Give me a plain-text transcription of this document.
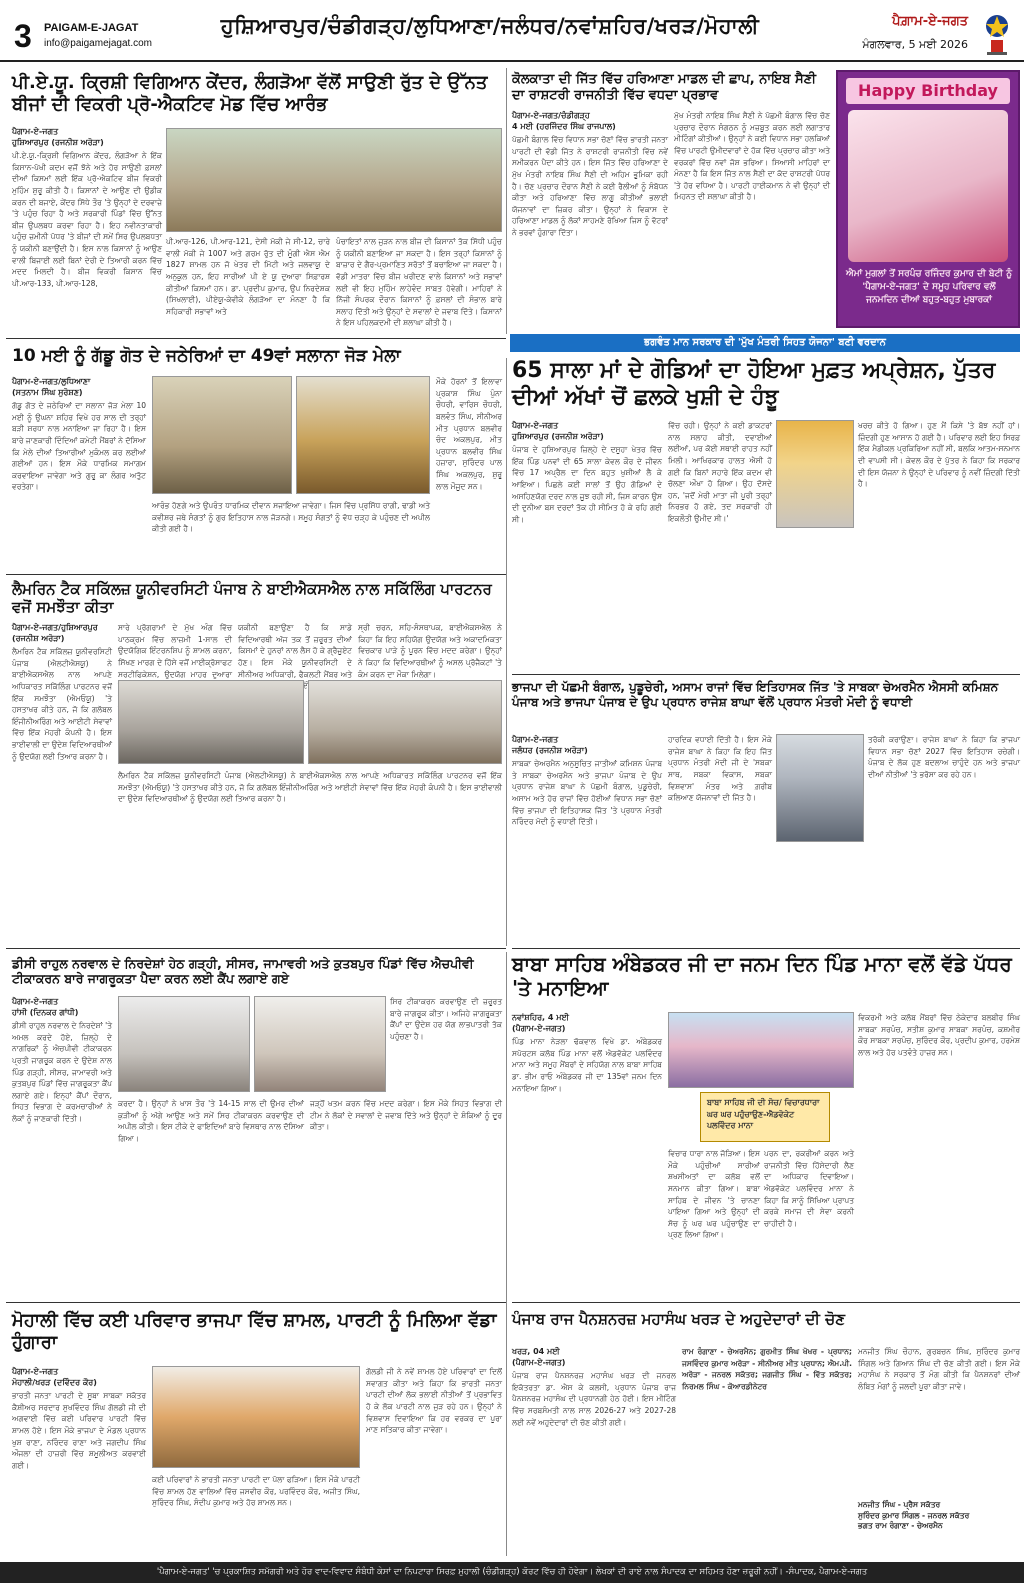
3 PAIGAM-E-JAGAT
info@paigamejagat.com
ਹੁਸ਼ਿਆਰਪੁਰ/ਚੰਡੀਗੜ੍ਹ/ਲੁਧਿਆਣਾ/ਜਲੰਧਰ/ਨਵਾਂਸ਼ਹਿਰ/ਖਰੜ/ਮੋਹਾਲੀ	ਪੈਗ਼ਾਮ-ਏ-ਜਗਤ
ਮੰਗਲਵਾਰ, 5 ਮਈ 2026
ਪੀ.ਏ.ਯੂ. ਕ੍ਰਿਸ਼ੀ ਵਿਗਿਆਨ ਕੇਂਦਰ, ਲੰਗੜੋਆ ਵੱਲੋਂ ਸਾਉਣੀ ਰੁੱਤ ਦੇ ਉੱਨਤ ਬੀਜਾਂ ਦੀ ਵਿਕਰੀ ਪ੍ਰੋ-ਐਕਟਿਵ ਮੋਡ ਵਿੱਚ ਆਰੰਭ
ਪੈਗਾਮ-ਏ-ਜਗਤ
ਹੁਸ਼ਿਆਰਪੁਰ (ਰਜਨੀਸ਼ ਅਰੋੜਾ)
ਪੀ.ਏ.ਯੂ.-ਕ੍ਰਿਸ਼ੀ ਵਿਗਿਆਨ ਕੇਂਦਰ, ਲੰਗੜੋਆ ਨੇ ਇੱਕ ਕਿਸਾਨ-ਪੱਖੀ ਕਦਮ ਵਜੋਂ ਝੋਨੇ ਅਤੇ ਹੋਰ ਸਾਉਣੀ ਫ਼ਸਲਾਂ ਦੀਆਂ ਕਿਸਮਾਂ ਲਈ ਇੱਕ ਪ੍ਰੋ-ਐਕਟਿਵ ਬੀਜ ਵਿਕਰੀ ਮੁਹਿੰਮ ਸ਼ੁਰੂ ਕੀਤੀ ਹੈ। ਕਿਸਾਨਾਂ ਦੇ ਆਉਣ ਦੀ ਉਡੀਕ ਕਰਨ ਦੀ ਬਜਾਏ, ਕੇਂਦਰ ਸਿੱਧੇ ਤੌਰ 'ਤੇ ਉਨ੍ਹਾਂ ਦੇ ਦਰਵਾਜ਼ੇ 'ਤੇ ਪਹੁੰਚ ਰਿਹਾ ਹੈ ਅਤੇ ਸਰਕਾਰੀ ਪਿੰਡਾਂ ਵਿੱਚ ਉੱਨਤ ਬੀਜ ਉਪਲਬਧ ਕਰਵਾ ਰਿਹਾ ਹੈ। ਇਹ ਨਵੀਨਤਾਕਾਰੀ ਪਹੁੰਚ ਜ਼ਮੀਨੀ ਪੱਧਰ 'ਤੇ ਬੀਜਾਂ ਦੀ ਸਮੇਂ ਸਿਰ ਉਪਲਬਧਤਾ ਨੂੰ ਯਕੀਨੀ ਬਣਾਉਂਦੀ ਹੈ। ਇਸ ਨਾਲ ਕਿਸਾਨਾਂ ਨੂੰ ਆਉਣ ਵਾਲੀ ਬਿਜਾਈ ਲਈ ਬਿਨਾਂ ਦੇਰੀ ਦੇ ਤਿਆਰੀ ਕਰਨ ਵਿੱਚ ਮਦਦ ਮਿਲਦੀ ਹੈ। ਬੀਜ ਵਿਕਰੀ ਕਿਸਾਨ ਵਿੱਚ ਪੀ.ਆਰ-133, ਪੀ.ਆਰ-128,
ਪੀ.ਆਰ-126, ਪੀ.ਆਰ-121, ਦੇਸੀ ਮੱਕੀ ਜੇ ਸੀ-12, ਚਾਰੇ ਵਾਲੀ ਮੱਕੀ ਜੇ 1007 ਅਤੇ ਗਰਮ ਰੁੱਤ ਦੀ ਮੂੰਗੀ ਐਸ ਐਮ 1827 ਸ਼ਾਮਲ ਹਨ ਜੋ ਖੇਤਰ ਦੀ ਮਿੱਟੀ ਅਤੇ ਜਲਵਾਯੂ ਦੇ ਅਨੁਕੂਲ ਹਨ, ਇਹ ਸਾਰੀਆਂ ਪੀ ਏ ਯੂ ਦੁਆਰਾ ਸਿਫ਼ਾਰਸ਼ ਕੀਤੀਆਂ ਕਿਸਮਾਂ ਹਨ। ਡਾ. ਪ੍ਰਦੀਪ ਕੁਮਾਰ, ਉਪ ਨਿਰਦੇਸ਼ਕ (ਸਿਖਲਾਈ), ਪੀਏਯੂ-ਕੇਵੀਕੇ ਲੰਗੜੋਆ ਦਾ ਮੰਨਣਾ ਹੈ ਕਿ ਸਹਿਕਾਰੀ ਸਭਾਵਾਂ ਅਤੇ
ਪੰਚਾਇਤਾਂ ਨਾਲ ਜੁੜਨ ਨਾਲ ਬੀਜ ਦੀ ਕਿਸਾਨਾਂ ਤੱਕ ਸਿੱਧੀ ਪਹੁੰਚ ਨੂੰ ਯਕੀਨੀ ਬਣਾਇਆ ਜਾ ਸਕਦਾ ਹੈ। ਇਸ ਤਰ੍ਹਾਂ ਕਿਸਾਨਾਂ ਨੂੰ ਬਾਜ਼ਾਰ ਦੇ ਗੈਰ-ਪ੍ਰਮਾਣਿਤ ਸਰੋਤਾਂ ਤੋਂ ਬਚਾਇਆ ਜਾ ਸਕਦਾ ਹੈ। ਵੱਡੀ ਮਾਤਰਾ ਵਿੱਚ ਬੀਜ ਖਰੀਦਣ ਵਾਲੇ ਕਿਸਾਨਾਂ ਅਤੇ ਸਭਾਵਾਂ ਲਈ ਵੀ ਇਹ ਮੁਹਿੰਮ ਲਾਹੇਵੰਦ ਸਾਬਤ ਹੋਵੇਗੀ। ਮਾਹਿਰਾਂ ਨੇ ਨਿੱਜੀ ਸੰਪਰਕ ਦੌਰਾਨ ਕਿਸਾਨਾਂ ਨੂੰ ਫ਼ਸਲਾਂ ਦੀ ਸੰਭਾਲ ਬਾਰੇ ਸਲਾਹ ਦਿੱਤੀ ਅਤੇ ਉਨ੍ਹਾਂ ਦੇ ਸਵਾਲਾਂ ਦੇ ਜਵਾਬ ਦਿੱਤੇ। ਕਿਸਾਨਾਂ ਨੇ ਇਸ ਪਹਿਲਕਦਮੀ ਦੀ ਸ਼ਲਾਘਾ ਕੀਤੀ ਹੈ।
ਕੋਲਕਾਤਾ ਦੀ ਜਿੱਤ ਵਿੱਚ ਹਰਿਆਣਾ ਮਾਡਲ ਦੀ ਛਾਪ, ਨਾਇਬ ਸੈਣੀ ਦਾ ਰਾਸ਼ਟਰੀ ਰਾਜਨੀਤੀ ਵਿੱਚ ਵਧਦਾ ਪ੍ਰਭਾਵ
ਪੈਗਾਮ-ਏ-ਜਗਤ/ਚੰਡੀਗੜ੍ਹ
4 ਮਈ (ਹਰਜਿੰਦਰ ਸਿੰਘ ਰਾਜਪਾਲ)
ਪੱਛਮੀ ਬੰਗਾਲ ਵਿੱਚ ਵਿਧਾਨ ਸਭਾ ਚੋਣਾਂ ਵਿੱਚ ਭਾਰਤੀ ਜਨਤਾ ਪਾਰਟੀ ਦੀ ਵੱਡੀ ਜਿੱਤ ਨੇ ਰਾਸ਼ਟਰੀ ਰਾਜਨੀਤੀ ਵਿੱਚ ਨਵੇਂ ਸਮੀਕਰਨ ਪੈਦਾ ਕੀਤੇ ਹਨ। ਇਸ ਜਿੱਤ ਵਿੱਚ ਹਰਿਆਣਾ ਦੇ ਮੁੱਖ ਮੰਤਰੀ ਨਾਇਬ ਸਿੰਘ ਸੈਣੀ ਦੀ ਅਹਿਮ ਭੂਮਿਕਾ ਰਹੀ ਹੈ। ਚੋਣ ਪ੍ਰਚਾਰ ਦੌਰਾਨ ਸੈਣੀ ਨੇ ਕਈ ਰੈਲੀਆਂ ਨੂੰ ਸੰਬੋਧਨ ਕੀਤਾ ਅਤੇ ਹਰਿਆਣਾ ਵਿੱਚ ਲਾਗੂ ਕੀਤੀਆਂ ਭਲਾਈ ਯੋਜਨਾਵਾਂ ਦਾ ਜ਼ਿਕਰ ਕੀਤਾ। ਉਨ੍ਹਾਂ ਨੇ ਵਿਕਾਸ ਦੇ ਹਰਿਆਣਾ ਮਾਡਲ ਨੂੰ ਲੋਕਾਂ ਸਾਹਮਣੇ ਰੱਖਿਆ ਜਿਸ ਨੂੰ ਵੋਟਰਾਂ ਨੇ ਭਰਵਾਂ ਹੁੰਗਾਰਾ ਦਿੱਤਾ।
ਮੁੱਖ ਮੰਤਰੀ ਨਾਇਬ ਸਿੰਘ ਸੈਣੀ ਨੇ ਪੱਛਮੀ ਬੰਗਾਲ ਵਿੱਚ ਚੋਣ ਪ੍ਰਚਾਰ ਦੌਰਾਨ ਸੰਗਠਨ ਨੂੰ ਮਜ਼ਬੂਤ ਕਰਨ ਲਈ ਲਗਾਤਾਰ ਮੀਟਿੰਗਾਂ ਕੀਤੀਆਂ। ਉਨ੍ਹਾਂ ਨੇ ਕਈ ਵਿਧਾਨ ਸਭਾ ਹਲਕਿਆਂ ਵਿੱਚ ਪਾਰਟੀ ਉਮੀਦਵਾਰਾਂ ਦੇ ਹੱਕ ਵਿੱਚ ਪ੍ਰਚਾਰ ਕੀਤਾ ਅਤੇ ਵਰਕਰਾਂ ਵਿੱਚ ਨਵਾਂ ਜੋਸ਼ ਭਰਿਆ। ਸਿਆਸੀ ਮਾਹਿਰਾਂ ਦਾ ਮੰਨਣਾ ਹੈ ਕਿ ਇਸ ਜਿੱਤ ਨਾਲ ਸੈਣੀ ਦਾ ਕੱਦ ਰਾਸ਼ਟਰੀ ਪੱਧਰ 'ਤੇ ਹੋਰ ਵਧਿਆ ਹੈ। ਪਾਰਟੀ ਹਾਈਕਮਾਨ ਨੇ ਵੀ ਉਨ੍ਹਾਂ ਦੀ ਮਿਹਨਤ ਦੀ ਸ਼ਲਾਘਾ ਕੀਤੀ ਹੈ।
Happy Birthday
ਐਮਾਂ ਮੁਗਲਾਂ ਤੋਂ ਸਰਪੰਚ ਰਜਿੰਦਰ ਕੁਮਾਰ ਦੀ ਬੇਟੀ ਨੂੰ 'ਪੈਗਾਮ-ਏ-ਜਗਤ' ਦੇ ਸਮੂਹ ਪਰਿਵਾਰ ਵਲੋਂ ਜਨਮਦਿਨ ਦੀਆਂ ਬਹੁਤ-ਬਹੁਤ ਮੁਬਾਰਕਾਂ
ਭਗਵੰਤ ਮਾਨ ਸਰਕਾਰ ਦੀ 'ਮੁੱਖ ਮੰਤਰੀ ਸਿਹਤ ਯੋਜਨਾ' ਬਣੀ ਵਰਦਾਨ
10 ਮਈ ਨੂੰ ਗੱਡੂ ਗੋਤ ਦੇ ਜਠੇਰਿਆਂ ਦਾ 49ਵਾਂ ਸਲਾਨਾ ਜੋੜ ਮੇਲਾ
ਪੈਗਾਮ-ਏ-ਜਗਤ/ਲੁਧਿਆਣਾ
(ਸਤਨਾਮ ਸਿੰਘ ਸੁਰੋਸ਼ਣ)
ਗੱਡੂ ਗੋਤ ਦੇ ਜਠੇਰਿਆਂ ਦਾ ਸਲਾਨਾ ਜੋੜ ਮੇਲਾ 10 ਮਈ ਨੂੰ ਉਘਨਾ ਸ਼ਹਿਰ ਵਿਖੇ ਹਰ ਸਾਲ ਦੀ ਤਰ੍ਹਾਂ ਬੜੀ ਸ਼ਰਧਾ ਨਾਲ ਮਨਾਇਆ ਜਾ ਰਿਹਾ ਹੈ। ਇਸ ਬਾਰੇ ਜਾਣਕਾਰੀ ਦਿੰਦਿਆਂ ਕਮੇਟੀ ਮੈਂਬਰਾਂ ਨੇ ਦੱਸਿਆ ਕਿ ਮੇਲੇ ਦੀਆਂ ਤਿਆਰੀਆਂ ਮੁਕੰਮਲ ਕਰ ਲਈਆਂ ਗਈਆਂ ਹਨ। ਇਸ ਮੌਕੇ ਧਾਰਮਿਕ ਸਮਾਗਮ ਕਰਵਾਇਆ ਜਾਵੇਗਾ ਅਤੇ ਗੁਰੂ ਕਾ ਲੰਗਰ ਅਤੁੱਟ ਵਰਤੇਗਾ।
ਆਰੰਭ ਹੋਣਗੇ ਅਤੇ ਉਪਰੰਤ ਧਾਰਮਿਕ ਦੀਵਾਨ ਸਜਾਇਆ ਜਾਵੇਗਾ। ਜਿਸ ਵਿੱਚ ਪ੍ਰਸਿੱਧ ਰਾਗੀ, ਢਾਡੀ ਅਤੇ ਕਵੀਸ਼ਰ ਜਥੇ ਸੰਗਤਾਂ ਨੂੰ ਗੁਰ ਇਤਿਹਾਸ ਨਾਲ ਜੋੜਨਗੇ। ਸਮੂਹ ਸੰਗਤਾਂ ਨੂੰ ਵੱਧ ਚੜ੍ਹ ਕੇ ਪਹੁੰਚਣ ਦੀ ਅਪੀਲ ਕੀਤੀ ਗਈ ਹੈ।
ਮੌਕੇ ਹੋਰਨਾਂ ਤੋਂ ਇਲਾਵਾ ਪ੍ਰਕਾਸ਼ ਸਿੰਘ ਪੁੰਨਾ ਚੌਧਰੀ, ਵਾਰਿਸ ਚੌਧਰੀ, ਬਲਵੰਤ ਸਿੰਘ, ਸੀਨੀਅਰ ਮੀਤ ਪ੍ਰਧਾਨ ਬਲਵੀਰ ਚੰਦ ਅਕਲਪੁਰ, ਮੀਤ ਪ੍ਰਧਾਨ ਬਲਵੀਰ ਸਿੰਘ ਹਜ਼ਾਰਾ, ਸੁਰਿੰਦਰ ਪਾਲ ਸਿੰਘ ਅਕਲਪੁਰ, ਸ਼ੁਰੂ ਲਾਲ ਮੌਜੂਦ ਸਨ।
65 ਸਾਲਾ ਮਾਂ ਦੇ ਗੋਡਿਆਂ ਦਾ ਹੋਇਆ ਮੁਫ਼ਤ ਅਪ੍ਰੇਸ਼ਨ, ਪੁੱਤਰ ਦੀਆਂ ਅੱਖਾਂ ਚੋਂ ਛਲਕੇ ਖੁਸ਼ੀ ਦੇ ਹੰਝੂ
ਪੈਗਾਮ-ਏ-ਜਗਤ
ਹੁਸ਼ਿਆਰਪੁਰ (ਰਜਨੀਸ਼ ਅਰੋੜਾ)
ਪੰਜਾਬ ਦੇ ਹੁਸ਼ਿਆਰਪੁਰ ਜ਼ਿਲ੍ਹੇ ਦੇ ਦਸੂਹਾ ਖੇਤਰ ਵਿੱਚ ਇੱਕ ਪਿੰਡ ਪਨਵਾਂ ਦੀ 65 ਸਾਲਾ ਕੇਵਲ ਕੌਰ ਦੇ ਜੀਵਨ ਵਿੱਚ 17 ਅਪ੍ਰੈਲ ਦਾ ਦਿਨ ਬਹੁਤ ਖੁਸ਼ੀਆਂ ਲੈ ਕੇ ਆਇਆ। ਪਿਛਲੇ ਕਈ ਸਾਲਾਂ ਤੋਂ ਉਹ ਗੋਡਿਆਂ ਦੇ ਅਸਹਿਣਯੋਗ ਦਰਦ ਨਾਲ ਜੂਝ ਰਹੀ ਸੀ, ਜਿਸ ਕਾਰਨ ਉਸ ਦੀ ਦੁਨੀਆ ਬਸ ਦਰਦਾਂ ਤੱਕ ਹੀ ਸੀਮਿਤ ਹੋ ਕੇ ਰਹਿ ਗਈ ਸੀ।
ਵਿੱਚ ਰਹੀ। ਉਨ੍ਹਾਂ ਨੇ ਕਈ ਡਾਕਟਰਾਂ ਨਾਲ ਸਲਾਹ ਕੀਤੀ, ਦਵਾਈਆਂ ਲਈਆਂ, ਪਰ ਕੋਈ ਸਥਾਈ ਰਾਹਤ ਨਹੀਂ ਮਿਲੀ। ਆਖਿਰਕਾਰ ਹਾਲਤ ਐਸੀ ਹੋ ਗਈ ਕਿ ਬਿਨਾਂ ਸਹਾਰੇ ਇੱਕ ਕਦਮ ਵੀ ਚੱਲਣਾ ਔਖਾ ਹੋ ਗਿਆ। ਉਹ ਦੱਸਦੇ ਹਨ, 'ਜਦੋਂ ਮੇਰੀ ਮਾਤਾ ਜੀ ਪੂਰੀ ਤਰ੍ਹਾਂ ਨਿਰਭਰ ਹੋ ਗਏ, ਤਦ ਸਰਕਾਰੀ ਹੀ ਇਕਲੌਤੀ ਉਮੀਦ ਸੀ।'
ਖਰਚ ਕੀਤੇ ਹੋ ਗਿਆ। ਹੁਣ ਮੈਂ ਕਿਸੇ 'ਤੇ ਬੋਝ ਨਹੀਂ ਹਾਂ। ਜ਼ਿੰਦਗੀ ਹੁਣ ਆਸਾਨ ਹੋ ਗਈ ਹੈ। ਪਰਿਵਾਰ ਲਈ ਇਹ ਸਿਰਫ਼ ਇੱਕ ਮੈਡੀਕਲ ਪ੍ਰਕਿਰਿਆ ਨਹੀਂ ਸੀ, ਬਲਕਿ ਆਤਮ-ਸਨਮਾਨ ਦੀ ਵਾਪਸੀ ਸੀ। ਕੇਵਲ ਕੌਰ ਦੇ ਪੁੱਤਰ ਨੇ ਕਿਹਾ ਕਿ ਸਰਕਾਰ ਦੀ ਇਸ ਯੋਜਨਾ ਨੇ ਉਨ੍ਹਾਂ ਦੇ ਪਰਿਵਾਰ ਨੂੰ ਨਵੀਂ ਜ਼ਿੰਦਗੀ ਦਿੱਤੀ ਹੈ।
ਲੈਮਰਿਨ ਟੈਕ ਸਕਿੱਲਜ਼ ਯੂਨੀਵਰਸਿਟੀ ਪੰਜਾਬ ਨੇ ਬਾਈਐਕਸਐਲ ਨਾਲ ਸਕਿੱਲਿੰਗ ਪਾਰਟਨਰ ਵਜੋਂ ਸਮਝੌਤਾ ਕੀਤਾ
ਪੈਗਾਮ-ਏ-ਜਗਤ/ਹੁਸ਼ਿਆਰਪੁਰ
(ਰਜਨੀਸ਼ ਅਰੋੜਾ)
ਲੈਮਰਿਨ ਟੈਕ ਸਕਿੱਲਜ਼ ਯੂਨੀਵਰਸਿਟੀ ਪੰਜਾਬ (ਐਲਟੀਐਸਯੂ) ਨੇ ਬਾਈਐਕਸਐਲ ਨਾਲ ਆਪਣੇ ਅਧਿਕਾਰਤ ਸਕਿੱਲਿੰਗ ਪਾਰਟਨਰ ਵਜੋਂ ਇੱਕ ਸਮਝੌਤਾ (ਐਮਓਯੂ) 'ਤੇ ਹਸਤਾਖਰ ਕੀਤੇ ਹਨ, ਜੋ ਕਿ ਗਲੋਬਲ ਇੰਜੀਨੀਅਰਿੰਗ ਅਤੇ ਆਈਟੀ ਸੇਵਾਵਾਂ ਵਿੱਚ ਇੱਕ ਮੋਹਰੀ ਕੰਪਨੀ ਹੈ। ਇਸ ਭਾਈਵਾਲੀ ਦਾ ਉਦੇਸ਼ ਵਿਦਿਆਰਥੀਆਂ ਨੂੰ ਉਦਯੋਗ ਲਈ ਤਿਆਰ ਕਰਨਾ ਹੈ।
ਸਾਰੇ ਪ੍ਰੋਗਰਾਮਾਂ ਦੇ ਮੁੱਖ ਅੰਗ ਵਿੱਚ ਪਾਠਕ੍ਰਮ ਵਿੱਚ ਲਾਜ਼ਮੀ 1-ਸਾਲ ਦੀ ਉਦਯੋਗਿਕ ਇੰਟਰਨਸ਼ਿਪ ਨੂੰ ਸ਼ਾਮਲ ਕਰਨਾ, ਸਿੱਖਣ ਮਾਰਗ ਦੇ ਹਿੱਸੇ ਵਜੋਂ ਮਾਈਕ੍ਰੋਸਾਫਟ ਸਰਟੀਫਿਕੇਸ਼ਨ, ਉਦਯੋਗ ਮਾਹਰ ਦੁਆਰਾ
ਯਕੀਨੀ ਬਣਾਉਣਾ ਹੈ ਕਿ ਸਾਡੇ ਵਿਦਿਆਰਥੀ ਅੱਜ ਤਕ ਤੋਂ ਜ਼ਰੂਰਤ ਦੀਆਂ ਕਿਸਮਾਂ ਦੇ ਹੁਨਰਾਂ ਨਾਲ ਲੈਸ ਹੋ ਕੇ ਗ੍ਰੈਜੂਏਟ ਹੋਣ। ਇਸ ਮੌਕੇ ਯੂਨੀਵਰਸਿਟੀ ਦੇ ਸੀਨੀਅਰ ਅਧਿਕਾਰੀ, ਫੈਕਲਟੀ ਮੈਂਬਰ ਅਤੇ
ਸ੍ਰੀ ਚਰਨ, ਸਹਿ-ਸੰਸਥਾਪਕ, ਬਾਈਐਕਸਐਲ ਨੇ ਕਿਹਾ ਕਿ ਇਹ ਸਹਿਯੋਗ ਉਦਯੋਗ ਅਤੇ ਅਕਾਦਮਿਕਤਾ ਵਿਚਕਾਰ ਪਾੜੇ ਨੂੰ ਪੂਰਨ ਵਿੱਚ ਮਦਦ ਕਰੇਗਾ। ਉਨ੍ਹਾਂ ਨੇ ਕਿਹਾ ਕਿ ਵਿਦਿਆਰਥੀਆਂ ਨੂੰ ਅਸਲ ਪ੍ਰੋਜੈਕਟਾਂ 'ਤੇ ਕੰਮ ਕਰਨ ਦਾ ਮੌਕਾ ਮਿਲੇਗਾ।
ਲੈਮਰਿਨ ਟੈਕ ਸਕਿੱਲਜ਼ ਯੂਨੀਵਰਸਿਟੀ ਪੰਜਾਬ (ਐਲਟੀਐਸਯੂ) ਨੇ ਬਾਈਐਕਸਐਲ ਨਾਲ ਆਪਣੇ ਅਧਿਕਾਰਤ ਸਕਿੱਲਿੰਗ ਪਾਰਟਨਰ ਵਜੋਂ ਇੱਕ ਸਮਝੌਤਾ (ਐਮਓਯੂ) 'ਤੇ ਹਸਤਾਖਰ ਕੀਤੇ ਹਨ, ਜੋ ਕਿ ਗਲੋਬਲ ਇੰਜੀਨੀਅਰਿੰਗ ਅਤੇ ਆਈਟੀ ਸੇਵਾਵਾਂ ਵਿੱਚ ਇੱਕ ਮੋਹਰੀ ਕੰਪਨੀ ਹੈ। ਇਸ ਭਾਈਵਾਲੀ ਦਾ ਉਦੇਸ਼ ਵਿਦਿਆਰਥੀਆਂ ਨੂੰ ਉਦਯੋਗ ਲਈ ਤਿਆਰ ਕਰਨਾ ਹੈ।
ਭਾਜਪਾ ਦੀ ਪੱਛਮੀ ਬੰਗਾਲ, ਪੁਡੂਚੇਰੀ, ਅਸਾਮ ਰਾਜਾਂ ਵਿੱਚ ਇਤਿਹਾਸਕ ਜਿੱਤ 'ਤੇ ਸਾਬਕਾ ਚੇਅਰਮੈਨ ਐਸਸੀ ਕਮਿਸ਼ਨ ਪੰਜਾਬ ਅਤੇ ਭਾਜਪਾ ਪੰਜਾਬ ਦੇ ਉਪ ਪ੍ਰਧਾਨ ਰਾਜੇਸ਼ ਬਾਘਾ ਵੱਲੋਂ ਪ੍ਰਧਾਨ ਮੰਤਰੀ ਮੋਦੀ ਨੂੰ ਵਧਾਈ
ਪੈਗਾਮ-ਏ-ਜਗਤ
ਜਲੰਧਰ (ਰਜਨੀਸ਼ ਅਰੋੜਾ)
ਸਾਬਕਾ ਚੇਅਰਮੈਨ ਅਨੁਸੂਚਿਤ ਜਾਤੀਆਂ ਕਮਿਸ਼ਨ ਪੰਜਾਬ ਤੇ ਸਾਬਕਾ ਚੇਅਰਮੈਨ ਅਤੇ ਭਾਜਪਾ ਪੰਜਾਬ ਦੇ ਉਪ ਪ੍ਰਧਾਨ ਰਾਜੇਸ਼ ਬਾਘਾ ਨੇ ਪੱਛਮੀ ਬੰਗਾਲ, ਪੁਡੂਚੇਰੀ, ਅਸਾਮ ਅਤੇ ਹੋਰ ਰਾਜਾਂ ਵਿੱਚ ਹੋਈਆਂ ਵਿਧਾਨ ਸਭਾ ਚੋਣਾਂ ਵਿੱਚ ਭਾਜਪਾ ਦੀ ਇਤਿਹਾਸਕ ਜਿੱਤ 'ਤੇ ਪ੍ਰਧਾਨ ਮੰਤਰੀ ਨਰਿੰਦਰ ਮੋਦੀ ਨੂੰ ਵਧਾਈ ਦਿੱਤੀ।
ਹਾਰਦਿਕ ਵਧਾਈ ਦਿੱਤੀ ਹੈ। ਇਸ ਮੌਕੇ ਰਾਜੇਸ਼ ਬਾਘਾ ਨੇ ਕਿਹਾ ਕਿ ਇਹ ਜਿੱਤ ਪ੍ਰਧਾਨ ਮੰਤਰੀ ਮੋਦੀ ਜੀ ਦੇ 'ਸਬਕਾ ਸਾਥ, ਸਬਕਾ ਵਿਕਾਸ, ਸਬਕਾ ਵਿਸ਼ਵਾਸ' ਮੰਤਰ ਅਤੇ ਗ਼ਰੀਬ ਕਲਿਆਣ ਯੋਜਨਾਵਾਂ ਦੀ ਜਿੱਤ ਹੈ।
ਤਰੱਕੀ ਕਰਾਉਣਾ। ਰਾਜੇਸ਼ ਬਾਘਾ ਨੇ ਕਿਹਾ ਕਿ ਭਾਜਪਾ ਵਿਧਾਨ ਸਭਾ ਚੋਣਾਂ 2027 ਵਿੱਚ ਇਤਿਹਾਸ ਰਚੇਗੀ। ਪੰਜਾਬ ਦੇ ਲੋਕ ਹੁਣ ਬਦਲਾਅ ਚਾਹੁੰਦੇ ਹਨ ਅਤੇ ਭਾਜਪਾ ਦੀਆਂ ਨੀਤੀਆਂ 'ਤੇ ਭਰੋਸਾ ਕਰ ਰਹੇ ਹਨ।
ਡੀਸੀ ਰਾਹੁਲ ਨਰਵਾਲ ਦੇ ਨਿਰਦੇਸ਼ਾਂ ਹੇਠ ਗੜ੍ਹੀ, ਸੀਸਰ, ਜਾਮਾਵਰੀ ਅਤੇ ਕੁਤਬਪੁਰ ਪਿੰਡਾਂ ਵਿੱਚ ਐਚਪੀਵੀ ਟੀਕਾਕਰਨ ਬਾਰੇ ਜਾਗਰੂਕਤਾ ਪੈਦਾ ਕਰਨ ਲਈ ਕੈਂਪ ਲਗਾਏ ਗਏ
ਪੈਗਾਮ-ਏ-ਜਗਤ
ਹਾਂਸੀ (ਦਿਨਕਰ ਗਾਂਧੀ)
ਡੀਸੀ ਰਾਹੁਲ ਨਰਵਾਲ ਦੇ ਨਿਰਦੇਸ਼ਾਂ 'ਤੇ ਅਮਲ ਕਰਦੇ ਹੋਏ, ਜ਼ਿਲ੍ਹੇ ਦੇ ਨਾਗਰਿਕਾਂ ਨੂੰ ਐਚਪੀਵੀ ਟੀਕਾਕਰਨ ਪ੍ਰਤੀ ਜਾਗਰੂਕ ਕਰਨ ਦੇ ਉਦੇਸ਼ ਨਾਲ ਪਿੰਡ ਗੜ੍ਹੀ, ਸੀਸਰ, ਜਾਮਾਵਰੀ ਅਤੇ ਕੁਤਬਪੁਰ ਪਿੰਡਾਂ ਵਿੱਚ ਜਾਗਰੂਕਤਾ ਕੈਂਪ ਲਗਾਏ ਗਏ। ਇਨ੍ਹਾਂ ਕੈਂਪਾਂ ਦੌਰਾਨ, ਸਿਹਤ ਵਿਭਾਗ ਦੇ ਕਰਮਚਾਰੀਆਂ ਨੇ ਲੋਕਾਂ ਨੂੰ ਜਾਣਕਾਰੀ ਦਿੱਤੀ।
ਸਿਰ ਟੀਕਾਕਰਨ ਕਰਵਾਉਣ ਦੀ ਜ਼ਰੂਰਤ ਬਾਰੇ ਜਾਗਰੂਕ ਕੀਤਾ। ਅਜਿਹੇ ਜਾਗਰੂਕਤਾ ਕੈਂਪਾਂ ਦਾ ਉਦੇਸ਼ ਹਰ ਯੋਗ ਲਾਭਪਾਤਰੀ ਤੱਕ ਪਹੁੰਚਣਾ ਹੈ।
ਕਰਦਾ ਹੈ। ਉਨ੍ਹਾਂ ਨੇ ਖਾਸ ਤੌਰ 'ਤੇ 14-15 ਸਾਲ ਦੀ ਉਮਰ ਦੀਆਂ ਕੁੜੀਆਂ ਨੂੰ ਅੱਗੇ ਆਉਣ ਅਤੇ ਸਮੇਂ ਸਿਰ ਟੀਕਾਕਰਨ ਕਰਵਾਉਣ ਦੀ ਅਪੀਲ ਕੀਤੀ। ਇਸ ਟੀਕੇ ਦੇ ਫਾਇਦਿਆਂ ਬਾਰੇ ਵਿਸਥਾਰ ਨਾਲ ਦੱਸਿਆ ਗਿਆ।
ਜੜ੍ਹੋਂ ਖਤਮ ਕਰਨ ਵਿੱਚ ਮਦਦ ਕਰੇਗਾ। ਇਸ ਮੌਕੇ ਸਿਹਤ ਵਿਭਾਗ ਦੀ ਟੀਮ ਨੇ ਲੋਕਾਂ ਦੇ ਸਵਾਲਾਂ ਦੇ ਜਵਾਬ ਦਿੱਤੇ ਅਤੇ ਉਨ੍ਹਾਂ ਦੇ ਸ਼ੰਕਿਆਂ ਨੂੰ ਦੂਰ ਕੀਤਾ।
ਬਾਬਾ ਸਾਹਿਬ ਅੰਬੇਡਕਰ ਜੀ ਦਾ ਜਨਮ ਦਿਨ ਪਿੰਡ ਮਾਨਾ ਵਲੋਂ ਵੱਡੇ ਪੱਧਰ 'ਤੇ ਮਨਾਇਆ
ਨਵਾਂਸ਼ਹਿਰ, 4 ਮਈ
(ਪੈਗਾਮ-ਏ-ਜਗਤ)
ਵਿਕਰਮੀ ਅਤੇ ਕਲੱਬ ਮੈਂਬਰਾਂ ਵਿੱਚ ਠੇਕੇਦਾਰ ਬਲਬੀਰ ਸਿੰਘ ਸਾਬਕਾ ਸਰਪੰਚ, ਸਤੀਸ਼ ਕੁਮਾਰ ਸਾਬਕਾ ਸਰਪੰਚ, ਕਸ਼ਮੀਰ ਕੌਰ ਸਾਬਕਾ ਸਰਪੰਚ, ਸੁਰਿੰਦਰ ਕੌਰ, ਪ੍ਰਦੀਪ ਕੁਮਾਰ, ਹਰਮੇਸ਼ ਲਾਲ ਅਤੇ ਹੋਰ ਪਤਵੰਤੇ ਹਾਜ਼ਰ ਸਨ।
ਬਾਬਾ ਸਾਹਿਬ ਜੀ ਦੀ ਸੋਚ/ ਵਿਚਾਰਧਾਰਾ ਘਰ ਘਰ ਪਹੁੰਚਾਉਣ-ਐਡਵੋਕੇਟ ਪਲਵਿੰਦਰ ਮਾਨਾ
ਪਿੰਡ ਮਾਨਾ ਨੇੜਲਾ ਢੱਕਵਾਲ ਵਿਖੇ ਡਾ. ਅੰਬੇਡਕਰ ਸਪੋਰਟਸ ਕਲੱਬ ਪਿੰਡ ਮਾਨਾ ਵਲੋਂ ਐਡਵੋਕੇਟ ਪਲਵਿੰਦਰ ਮਾਨਾ ਅਤੇ ਸਮੂਹ ਮੈਂਬਰਾਂ ਦੇ ਸਹਿਯੋਗ ਨਾਲ ਬਾਬਾ ਸਾਹਿਬ ਡਾ. ਭੀਮ ਰਾਓ ਅੰਬੇਡਕਰ ਜੀ ਦਾ 135ਵਾਂ ਜਨਮ ਦਿਨ ਮਨਾਇਆ ਗਿਆ।
ਵਿਚਾਰ ਧਾਰਾ ਨਾਲ ਜੋੜਿਆ। ਇਸ ਮੌਕੇ ਪਹੁੰਚੀਆਂ ਸਾਰੀਆਂ ਸ਼ਖਸੀਅਤਾਂ ਦਾ ਕਲੱਬ ਵਲੋਂ ਸਨਮਾਨ ਕੀਤਾ ਗਿਆ। ਬਾਬਾ ਸਾਹਿਬ ਦੇ ਜੀਵਨ 'ਤੇ ਚਾਨਣਾ ਪਾਇਆ ਗਿਆ ਅਤੇ ਉਨ੍ਹਾਂ ਦੀ ਸੋਚ ਨੂੰ ਘਰ ਘਰ ਪਹੁੰਚਾਉਣ ਦਾ ਪ੍ਰਣ ਲਿਆ ਗਿਆ।
ਪਰਨ ਦਾ, ਰਕਰੀਆਂ ਕਰਨ ਅਤੇ ਰਾਜਨੀਤੀ ਵਿੱਚ ਹਿੱਸੇਦਾਰੀ ਲੈਣ ਦਾ ਅਧਿਕਾਰ ਦਿਵਾਇਆ। ਐਡਵੋਕੇਟ ਪਲਵਿੰਦਰ ਮਾਨਾ ਨੇ ਕਿਹਾ ਕਿ ਸਾਨੂੰ ਸਿੱਖਿਆ ਪ੍ਰਾਪਤ ਕਰਕੇ ਸਮਾਜ ਦੀ ਸੇਵਾ ਕਰਨੀ ਚਾਹੀਦੀ ਹੈ।
ਮੋਹਾਲੀ ਵਿੱਚ ਕਈ ਪਰਿਵਾਰ ਭਾਜਪਾ ਵਿੱਚ ਸ਼ਾਮਲ, ਪਾਰਟੀ ਨੂੰ ਮਿਲਿਆ ਵੱਡਾ ਹੁੰਗਾਰਾ
ਪੈਗਾਮ-ਏ-ਜਗਤ
ਮੋਹਾਲੀ/ਖਰੜ (ਦਵਿੰਦਰ ਕੌਰ)
ਭਾਰਤੀ ਜਨਤਾ ਪਾਰਟੀ ਦੇ ਸੂਬਾ ਸਾਬਕਾ ਸਕੱਤਰ ਕੈਸ਼ੀਅਰ ਸਰਦਾਰ ਸੁਖਵਿੰਦਰ ਸਿੰਘ ਗੋਲਡੀ ਜੀ ਦੀ ਅਗਵਾਈ ਵਿੱਚ ਕਈ ਪਰਿਵਾਰ ਪਾਰਟੀ ਵਿੱਚ ਸ਼ਾਮਲ ਹੋਏ। ਇਸ ਮੌਕੇ ਭਾਜਪਾ ਦੇ ਮੰਡਲ ਪ੍ਰਧਾਨ ਖੁਸ਼ ਰਾਣਾ, ਨਰਿੰਦਰ ਰਾਣਾ ਅਤੇ ਜਗਦੀਪ ਸਿੰਘ ਔਜਲਾ ਦੀ ਹਾਜ਼ਰੀ ਵਿੱਚ ਸ਼ਮੂਲੀਅਤ ਕਰਵਾਈ ਗਈ।
ਕਈ ਪਰਿਵਾਰਾਂ ਨੇ ਭਾਰਤੀ ਜਨਤਾ ਪਾਰਟੀ ਦਾ ਪੱਲਾ ਫੜਿਆ। ਇਸ ਮੌਕੇ ਪਾਰਟੀ ਵਿੱਚ ਸ਼ਾਮਲ ਹੋਣ ਵਾਲਿਆਂ ਵਿੱਚ ਜਸਵੀਰ ਕੌਰ, ਪਰਵਿੰਦਰ ਕੌਰ, ਅਜੀਤ ਸਿੰਘ, ਸੁਰਿੰਦਰ ਸਿੰਘ, ਸੰਦੀਪ ਕੁਮਾਰ ਅਤੇ ਹੋਰ ਸ਼ਾਮਲ ਸਨ।
ਗੋਲਡੀ ਜੀ ਨੇ ਨਵੇਂ ਸ਼ਾਮਲ ਹੋਏ ਪਰਿਵਾਰਾਂ ਦਾ ਦਿਲੋਂ ਸਵਾਗਤ ਕੀਤਾ ਅਤੇ ਕਿਹਾ ਕਿ ਭਾਰਤੀ ਜਨਤਾ ਪਾਰਟੀ ਦੀਆਂ ਲੋਕ ਭਲਾਈ ਨੀਤੀਆਂ ਤੋਂ ਪ੍ਰਭਾਵਿਤ ਹੋ ਕੇ ਲੋਕ ਪਾਰਟੀ ਨਾਲ ਜੁੜ ਰਹੇ ਹਨ। ਉਨ੍ਹਾਂ ਨੇ ਵਿਸ਼ਵਾਸ ਦਿਵਾਇਆ ਕਿ ਹਰ ਵਰਕਰ ਦਾ ਪੂਰਾ ਮਾਣ ਸਤਿਕਾਰ ਕੀਤਾ ਜਾਵੇਗਾ।
ਪੰਜਾਬ ਰਾਜ ਪੈਨਸ਼ਨਰਜ਼ ਮਹਾਸੰਘ ਖਰੜ ਦੇ ਅਹੁਦੇਦਾਰਾਂ ਦੀ ਚੋਣ
ਖਰੜ, 04 ਮਈ
(ਪੈਗਾਮ-ਏ-ਜਗਤ)
ਪੰਜਾਬ ਰਾਜ ਪੈਨਸ਼ਨਰਜ਼ ਮਹਾਸੰਘ ਖਰੜ ਦੀ ਜਨਰਲ ਇਕੱਤਰਤਾ ਡਾ. ਐਸ ਕੇ ਕਲਸੀ, ਪ੍ਰਧਾਨ ਪੰਜਾਬ ਰਾਜ ਪੈਨਸ਼ਨਰਜ਼ ਮਹਾਸੰਘ ਦੀ ਪ੍ਰਧਾਨਗੀ ਹੇਠ ਹੋਈ। ਇਸ ਮੀਟਿੰਗ ਵਿੱਚ ਸਰਬਸੰਮਤੀ ਨਾਲ ਸਾਲ 2026-27 ਅਤੇ 2027-28 ਲਈ ਨਵੇਂ ਅਹੁਦੇਦਾਰਾਂ ਦੀ ਚੋਣ ਕੀਤੀ ਗਈ।
ਰਾਮ ਰੰਗਾਣਾ - ਚੇਅਰਮੈਨ; ਗੁਰਮੀਤ ਸਿੰਘ ਖੋਖਰ - ਪ੍ਰਧਾਨ; ਜਸਵਿੰਦਰ ਕੁਮਾਰ ਅਰੋੜਾ - ਸੀਨੀਅਰ ਮੀਤ ਪ੍ਰਧਾਨ; ਐਮ.ਪੀ. ਅਰੋੜਾ - ਜਨਰਲ ਸਕੱਤਰ; ਜਗਜੀਤ ਸਿੰਘ - ਵਿੱਤ ਸਕੱਤਰ; ਨਿਰਮਲ ਸਿੰਘ - ਕੋਆਰਡੀਨੇਟਰ
ਮਨਜੀਤ ਸਿੰਘ ਚੌਹਾਨ, ਗੁਰਬਚਨ ਸਿੰਘ, ਸੁਰਿੰਦਰ ਕੁਮਾਰ ਸਿੰਗਲ ਅਤੇ ਗਿਆਨ ਸਿੰਘ ਦੀ ਚੋਣ ਕੀਤੀ ਗਈ। ਇਸ ਮੌਕੇ ਮਹਾਸੰਘ ਨੇ ਸਰਕਾਰ ਤੋਂ ਮੰਗ ਕੀਤੀ ਕਿ ਪੈਨਸ਼ਨਰਾਂ ਦੀਆਂ ਲੰਬਿਤ ਮੰਗਾਂ ਨੂੰ ਜਲਦੀ ਪੂਰਾ ਕੀਤਾ ਜਾਵੇ।
ਮਨਜੀਤ ਸਿੰਘ - ਪ੍ਰੈਸ ਸਕੱਤਰ
ਸੁਰਿੰਦਰ ਕੁਮਾਰ ਸਿੰਗਲ - ਜਨਰਲ ਸਕੱਤਰ
ਭਗਤ ਰਾਮ ਰੰਗਾਣਾ - ਚੇਅਰਮੈਨ
'ਪੈਗਾਮ-ਏ-ਜਗਤ' 'ਚ ਪ੍ਰਕਾਸ਼ਿਤ ਸਮੱਗਰੀ ਅਤੇ ਹੋਰ ਵਾਦ-ਵਿਵਾਦ ਸੰਬੰਧੀ ਕੇਸਾਂ ਦਾ ਨਿਪਟਾਰਾ ਸਿਰਫ਼ ਮੁਹਾਲੀ (ਚੰਡੀਗੜ੍ਹ) ਕੋਰਟ ਵਿੱਚ ਹੀ ਹੋਵੇਗਾ। ਲੇਖਕਾਂ ਦੀ ਰਾਏ ਨਾਲ ਸੰਪਾਦਕ ਦਾ ਸਹਿਮਤ ਹੋਣਾ ਜ਼ਰੂਰੀ ਨਹੀਂ। -ਸੰਪਾਦਕ, ਪੈਗਾਮ-ਏ-ਜਗਤ
